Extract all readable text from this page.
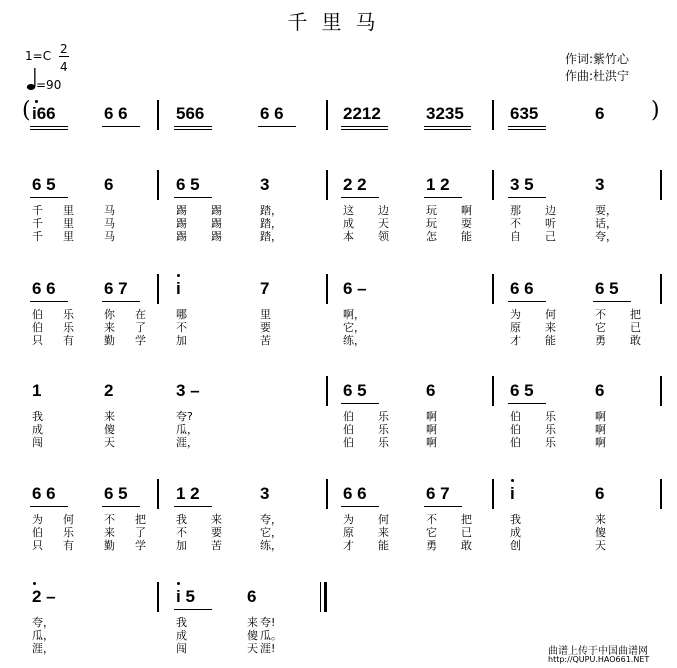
千里马
1=C 2
4
=90
作词:紫竹心
作曲:杜洪宁
( i66	6 6	566	6 6	2212	3235	635	6 )
6 5	6	6 5	3	2 2	1 2	3 5	3
6 6	6 7	i	7	6 –	6 6	6 5
1	2	3 –	6 5	6	6 5	6
6 6	6 5	1 2	3	6 6	6 7	i	6
2 –	i 5	6
千 里	马	踢 踢	踏，	这 边	玩 啊	那 边	耍，
千 里	马	踢 踢	踏，	成 天	玩 耍	不 听	话，
千 里	马	踢 踢	踏，	本 领	怎 能	自 己	夸，
伯 乐	你 在	哪	里	啊，	为 何	不 把
伯 乐	来 了	不	要	它，	原 来	它 已
只 有	勤 学	加	苦	练，	才 能	勇 敢
我	来	夸?	伯 乐	啊	伯 乐	啊
成	傻	瓜，	伯 乐	啊	伯 乐	啊
闯	天	涯，	伯 乐	啊	伯 乐	啊
为 何	不 把	我 来	夸，	为 何	不 把	我	来
伯 乐	来 了	不 要	它，	原 来	它 已	成	傻
只 有	勤 学	加 苦	练，	才 能	勇 敢	创	天
夸，	我	来 夸!
瓜，	成	傻 瓜。
涯，	闯	天 涯!	曲谱上传于中国曲谱网
http://QUPU.HAO661.NET
